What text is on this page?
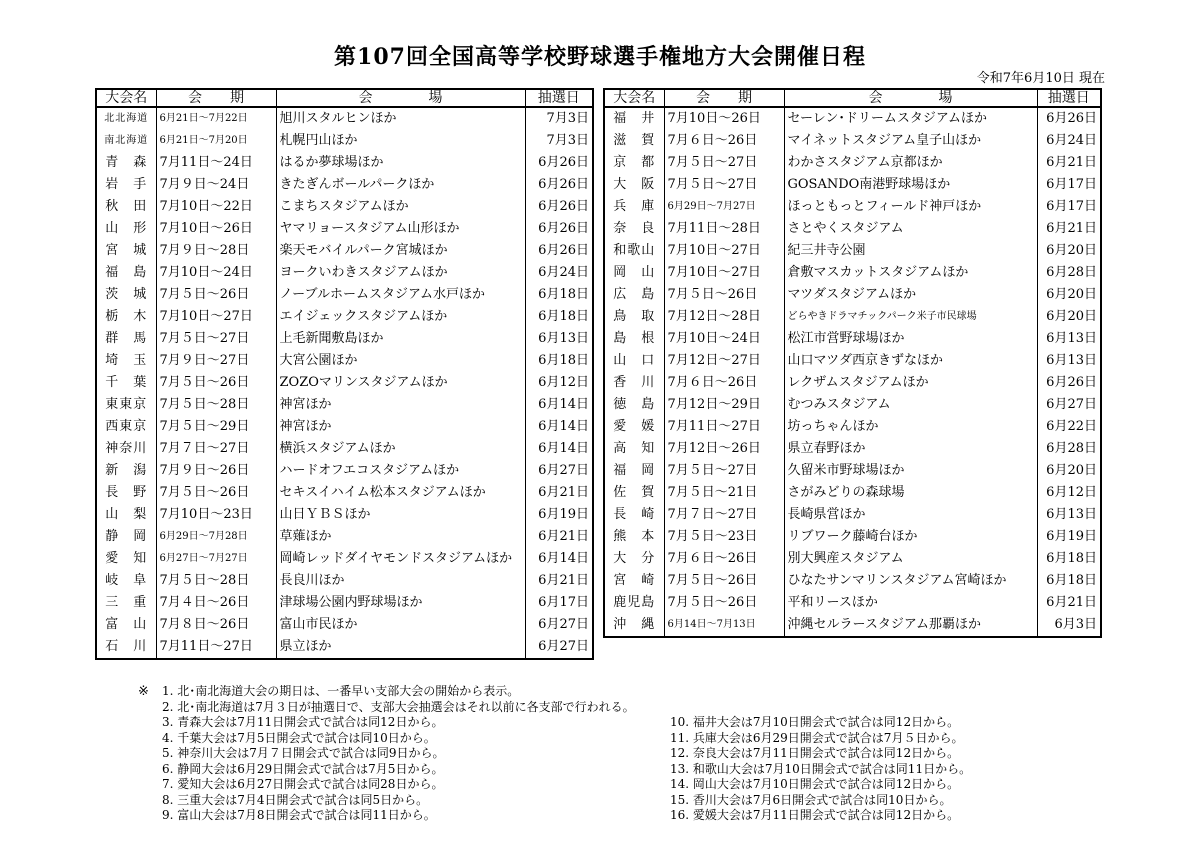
第107回全国高等学校野球選手権地方大会開催日程
令和7年6月10日 現在
大会名	会　　期	会　　　　場	抽選日
北北海道	6月21日～7月22日	旭川スタルヒンほか	7月3日
南北海道	6月21日～7月20日	札幌円山ほか	7月3日
青　森	7月11日～24日	はるか夢球場ほか	6月26日
岩　手	7月９日～24日	きたぎんボールパークほか	6月26日
秋　田	7月10日～22日	こまちスタジアムほか	6月26日
山　形	7月10日～26日	ヤマリョースタジアム山形ほか	6月26日
宮　城	7月９日～28日	楽天モバイルパーク宮城ほか	6月26日
福　島	7月10日～24日	ヨークいわきスタジアムほか	6月24日
茨　城	7月５日～26日	ノーブルホームスタジアム水戸ほか	6月18日
栃　木	7月10日～27日	エイジェックスタジアムほか	6月18日
群　馬	7月５日～27日	上毛新聞敷島ほか	6月13日
埼　玉	7月９日～27日	大宮公園ほか	6月18日
千　葉	7月５日～26日	ZOZOマリンスタジアムほか	6月12日
東東京	7月５日～28日	神宮ほか	6月14日
西東京	7月５日～29日	神宮ほか	6月14日
神奈川	7月７日～27日	横浜スタジアムほか	6月14日
新　潟	7月９日～26日	ハードオフエコスタジアムほか	6月27日
長　野	7月５日～26日	セキスイハイム松本スタジアムほか	6月21日
山　梨	7月10日～23日	山日ＹＢＳほか	6月19日
静　岡	6月29日～7月28日	草薙ほか	6月21日
愛　知	6月27日～7月27日	岡崎レッドダイヤモンドスタジアムほか	6月14日
岐　阜	7月５日～28日	長良川ほか	6月21日
三　重	7月４日～26日	津球場公園内野球場ほか	6月17日
富　山	7月８日～26日	富山市民ほか	6月27日
石　川	7月11日～27日	県立ほか	6月27日
大会名	会　　期	会　　　　場	抽選日
福　井	7月10日～26日	セーレン･ドリームスタジアムほか	6月26日
滋　賀	7月６日～26日	マイネットスタジアム皇子山ほか	6月24日
京　都	7月５日～27日	わかさスタジアム京都ほか	6月21日
大　阪	7月５日～27日	GOSANDO南港野球場ほか	6月17日
兵　庫	6月29日～7月27日	ほっともっとフィールド神戸ほか	6月17日
奈　良	7月11日～28日	さとやくスタジアム	6月21日
和歌山	7月10日～27日	紀三井寺公園	6月20日
岡　山	7月10日～27日	倉敷マスカットスタジアムほか	6月28日
広　島	7月５日～26日	マツダスタジアムほか	6月20日
鳥　取	7月12日～28日	どらやきドラマチックパーク米子市民球場	6月20日
島　根	7月10日～24日	松江市営野球場ほか	6月13日
山　口	7月12日～27日	山口マツダ西京きずなほか	6月13日
香　川	7月６日～26日	レクザムスタジアムほか	6月26日
徳　島	7月12日～29日	むつみスタジアム	6月27日
愛　媛	7月11日～27日	坊っちゃんほか	6月22日
高　知	7月12日～26日	県立春野ほか	6月28日
福　岡	7月５日～27日	久留米市野球場ほか	6月20日
佐　賀	7月５日～21日	さがみどりの森球場	6月12日
長　崎	7月７日～27日	長崎県営ほか	6月13日
熊　本	7月５日～23日	リブワーク藤崎台ほか	6月19日
大　分	7月６日～26日	別大興産スタジアム	6月18日
宮　崎	7月５日～26日	ひなたサンマリンスタジアム宮崎ほか	6月18日
鹿児島	7月５日～26日	平和リースほか	6月21日
沖　縄	6月14日～7月13日	沖縄セルラースタジアム那覇ほか	6月3日
※ 1. 北･南北海道大会の期日は、一番早い支部大会の開始から表示。
2. 北･南北海道は7月３日が抽選日で、支部大会抽選会はそれ以前に各支部で行われる。
3. 青森大会は7月11日開会式で試合は同12日から。
4. 千葉大会は7月5日開会式で試合は同10日から。
5. 神奈川大会は7月７日開会式で試合は同9日から。
6. 静岡大会は6月29日開会式で試合は7月5日から。
7. 愛知大会は6月27日開会式で試合は同28日から。
8. 三重大会は7月4日開会式で試合は同5日から。
9. 富山大会は7月8日開会式で試合は同11日から。
10. 福井大会は7月10日開会式で試合は同12日から。
11. 兵庫大会は6月29日開会式で試合は7月５日から。
12. 奈良大会は7月11日開会式で試合は同12日から。
13. 和歌山大会は7月10日開会式で試合は同11日から。
14. 岡山大会は7月10日開会式で試合は同12日から。
15. 香川大会は7月6日開会式で試合は同10日から。
16. 愛媛大会は7月11日開会式で試合は同12日から。
